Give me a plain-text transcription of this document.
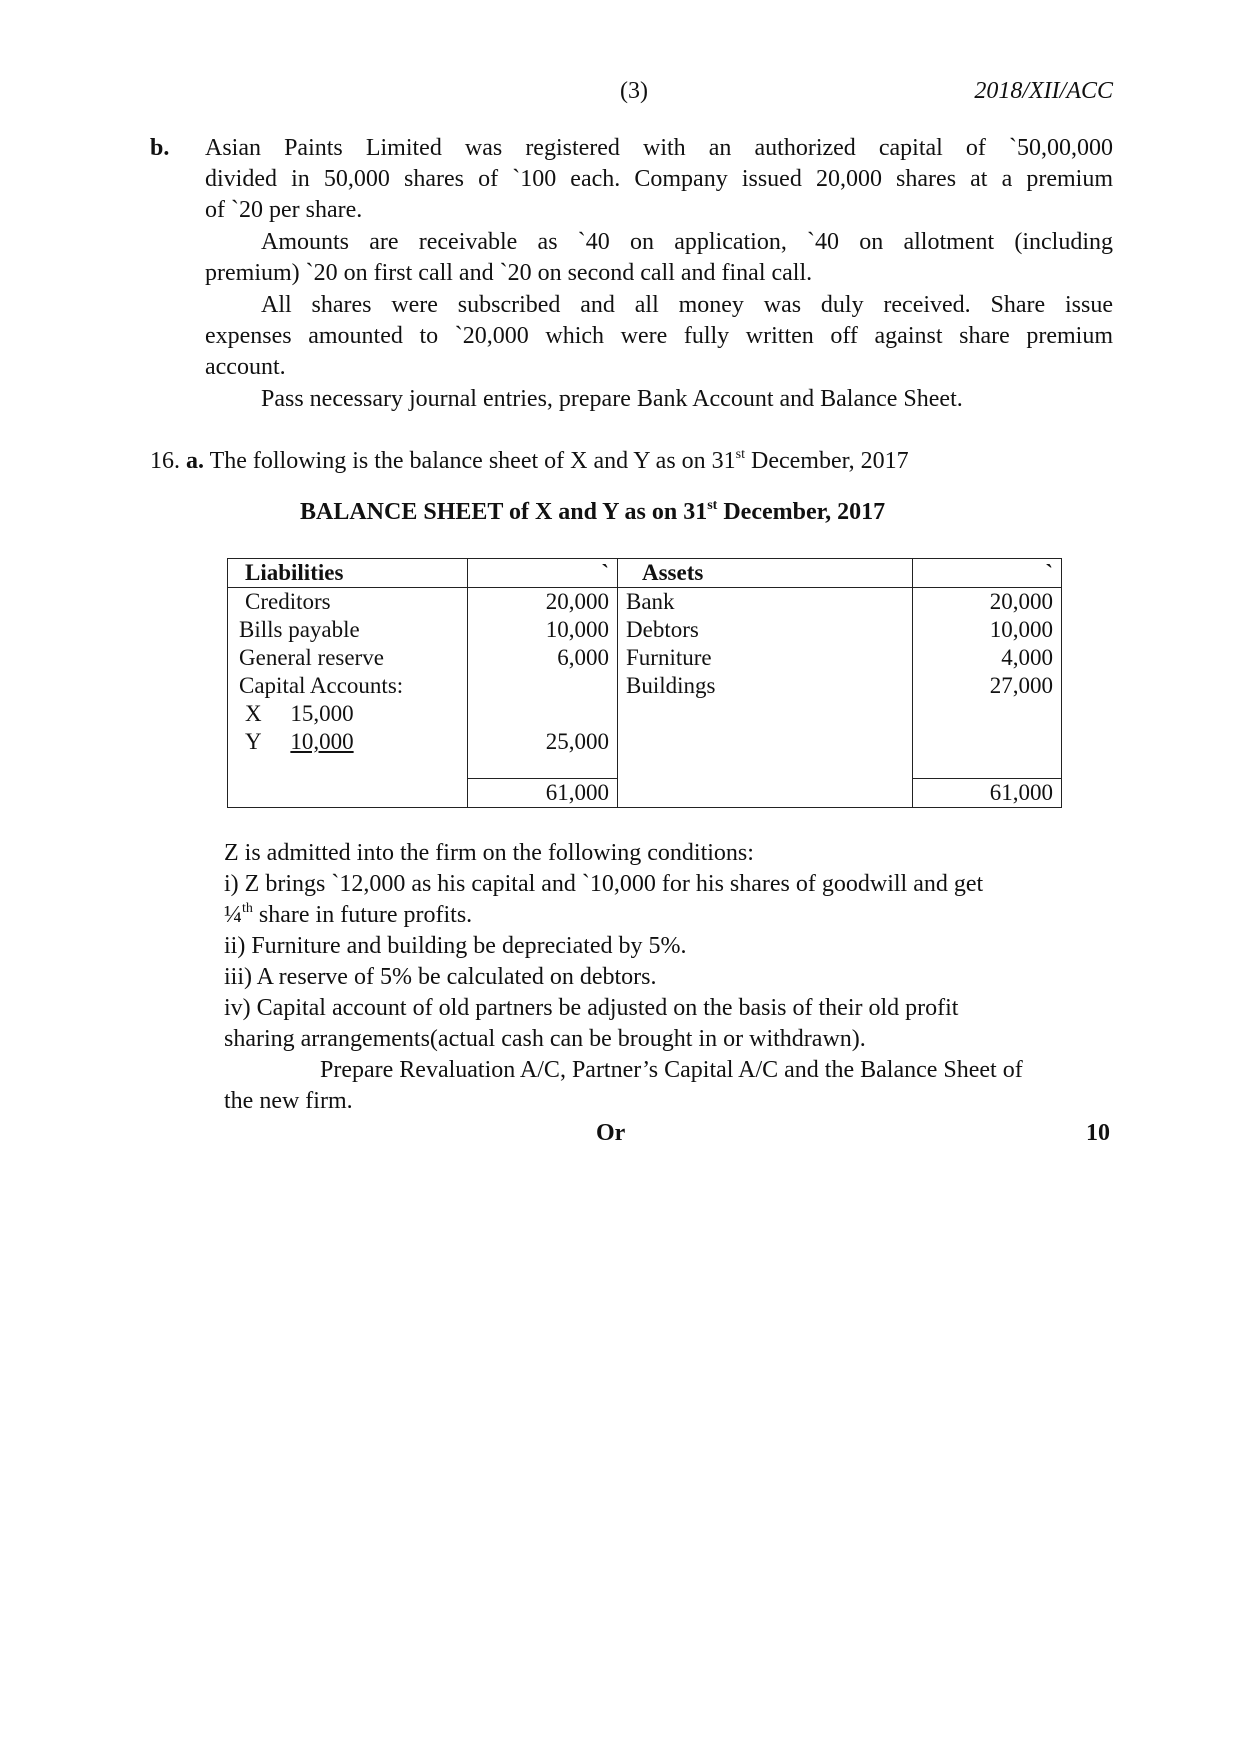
(3)	2018/XII/ACC
b. Asian Paints Limited was registered with an authorized capital of `50,00,000
divided in 50,000 shares of `100 each. Company issued 20,000 shares at a premium
of `20 per share.
Amounts are receivable as `40 on application, `40 on allotment (including
premium) `20 on first call and `20 on second call and final call.
All shares were subscribed and all money was duly received. Share issue
expenses amounted to `20,000 which were fully written off against share premium
account.
Pass necessary journal entries, prepare Bank Account and Balance Sheet.
16. a. The following is the balance sheet of X and Y as on 31st December, 2017
BALANCE SHEET of X and Y as on 31st December, 2017
Liabilities	`	Assets	`
Creditors	20,000	Bank	20,000
Bills payable	10,000	Debtors	10,000
General reserve	6,000	Furniture	4,000
Capital Accounts:		Buildings	27,000
X 15,000			
Y 10,000	25,000		

	61,000		61,000
Z is admitted into the firm on the following conditions:
i) Z brings `12,000 as his capital and `10,000 for his shares of goodwill and get
¼$^{th}$ share in future profits.
ii) Furniture and building be depreciated by 5%.
iii) A reserve of 5% be calculated on debtors.
iv) Capital account of old partners be adjusted on the basis of their old profit
sharing arrangements(actual cash can be brought in or withdrawn).
Prepare Revaluation A/C, Partner’s Capital A/C and the Balance Sheet of
the new firm.
Or	10
